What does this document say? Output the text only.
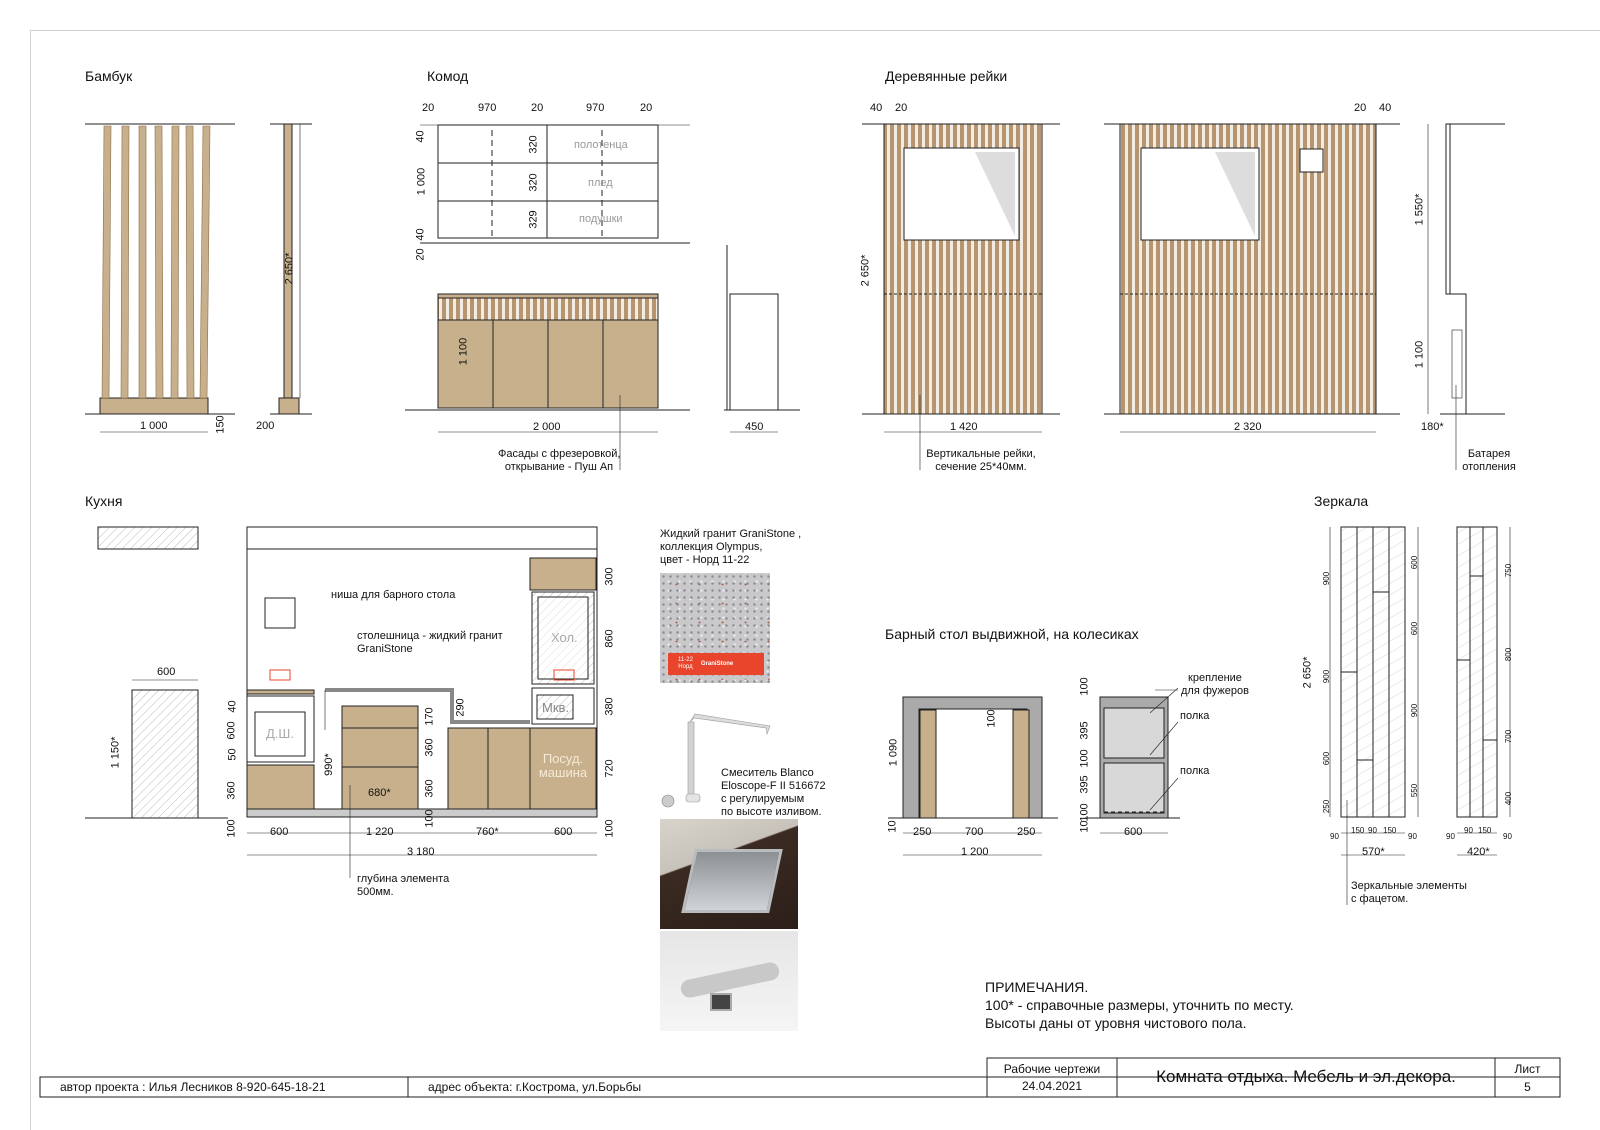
Бамбук	Комод	Деревянные рейки
Кухня
Барный стол выдвижной, на колесиках
Зеркала
1 000	200
150
2 650*
20	970	20	970	20
40
1 000
40
20
320
320
329
полотенца
плед
подушки
1 100
2 000	450
Фасады с фрезеровкой,
открывание - Пуш Ап
40 20	20 40
2 650*
1 420	2 320
1 550*
1 100
180*
Вертикальные рейки,
сечение 25*40мм.
Батарея
отопления
600
1 150*
ниша для барного стола
столешница - жидкий гранит
GraniStone
Д.Ш.
Хол.
Мкв.
Посуд.
машина
680*
990*
40
600
50
360
100
170
360
360
100
290
300
860
380
720
100
600	1 220	760*	600
3 180
глубина элемента
500мм.
Жидкий гранит GraniStone ,
коллекция Olympus,
цвет - Норд 11-22
11-22
Норд GraniStone
Смеситель Blanco
Eloscope-F II 516672
с регулируемым
по высоте изливом.
1 090
100
10 250	700	250
1 200
100
395
100
395
100
10	600
крепление
для фужеров
полка
полка
2 650*
900
900
600
250
600
600
900
550
750
800
700
400
90
150 90 150
90
570*
90
90 150
90
420*
Зеркальные элементы
с фацетом.
ПРИМЕЧАНИЯ.
100* - справочные размеры, уточнить по месту.
Высоты даны от уровня чистового пола.
автор проекта : Илья Лесников 8-920-645-18-21	адрес объекта: г.Кострома, ул.Борьбы
Рабочие чертежи
24.04.2021	Комната отдыха. Мебель и эл.декора.	Лист
5
